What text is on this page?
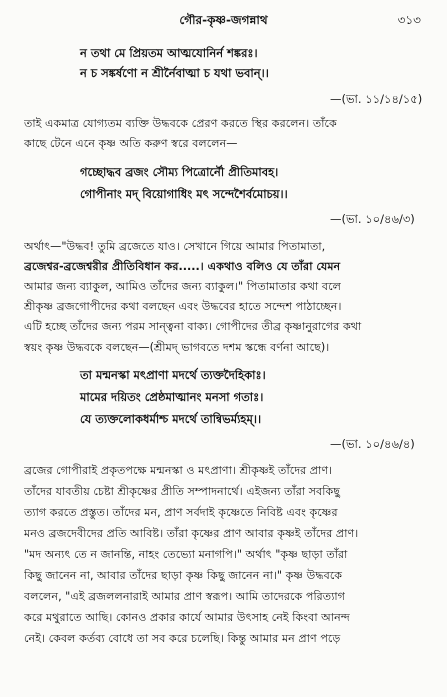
গৌর-কৃষ্ণ-জগন্নাথ	৩১৩
ন তথা মে প্রিয়তম আত্মযোনির্ন শঙ্করঃ।
ন চ সঙ্কর্ষণো ন শ্রীর্নৈবাত্মা চ যথা ভবান্।।
—(ভা. ১১/১৪/১৫)
তাই একমাত্র যোগ্যতম ব্যক্তি উদ্ধবকে প্রেরণ করতে স্থির করলেন। তাঁকে
কাছে টেনে এনে কৃষ্ণ অতি করুণ স্বরে বললেন—
গচ্ছোদ্ধব ব্রজং সৌম্য পিত্রোর্নৌ প্রীতিমাবহ।
গোপীনাং মদ্ বিয়োগাধিং মৎ সন্দেশৈর্বমোচয়।।
—(ভা. ১০/৪৬/৩)
অর্থাৎ—"উদ্ধব! তুমি ব্রজেতে যাও। সেখানে গিয়ে আমার পিতামাতা,
ব্রজেশ্বর-ব্রজেশ্বরীর প্রীতিবিধান কর.....। একথাও বলিও যে তাঁরা যেমন
আমার জন্য ব্যাকুল, আমিও তাঁদের জন্য ব্যাকুল।" পিতামাতার কথা বলে
শ্রীকৃষ্ণ ব্রজগোপীদের কথা বলছেন এবং উদ্ধবের হাতে সন্দেশ পাঠাচ্ছেন।
এটি হচ্ছে তাঁদের জন্য পরম সান্ত্বনা বাক্য। গোপীদের তীব্র কৃষ্ণানুরাগের কথা
স্বয়ং কৃষ্ণ উদ্ধবকে বলছেন—(শ্রীমদ্ ভাগবতে দশম স্কন্ধে বর্ণনা আছে)।
তা মন্মনস্কা মৎপ্রাণা মদর্থে ত্যক্তদৈহিকাঃ।
মামের দয়িতং প্রেষ্ঠমাত্মানং মনসা গতাঃ।
যে ত্যক্তলোকধর্মাশ্চ মদর্থে তান্বিভর্ম্যহম্।।
—(ভা. ১০/৪৬/৪)
ব্রজের গোপীরাই প্রকৃতপক্ষে মন্মনস্কা ও মৎপ্রাণা। শ্রীকৃষ্ণই তাঁদের প্রাণ।
তাঁদের যাবতীয় চেষ্টা শ্রীকৃষ্ণের প্রীতি সম্পাদনার্থে। এইজন্য তাঁরা সবকিছু
ত্যাগ করতে প্রস্তুত। তাঁদের মন, প্রাণ সর্বদাই কৃষ্ণেতে নিবিষ্ট এবং কৃষ্ণের
মনও ব্রজদেবীদের প্রতি আবিষ্ট। তাঁরা কৃষ্ণের প্রাণ আবার কৃষ্ণই তাঁদের প্রাণ।
"মদ অন্যৎ তে ন জানন্তি, নাহং তেভ্যো মনাগপি।" অর্থাৎ "কৃষ্ণ ছাড়া তাঁরা
কিছু জানেন না, আবার তাঁদের ছাড়া কৃষ্ণ কিছু জানেন না।" কৃষ্ণ উদ্ধবকে
বললেন, "এই ব্রজললনারাই আমার প্রাণ স্বরূপ। আমি তাদেরকে পরিত্যাগ
করে মথুরাতে আছি। কোনও প্রকার কার্যে আমার উৎসাহ নেই কিংবা আনন্দ
নেই। কেবল কর্তব্য বোধে তা সব করে চলেছি। কিন্তু আমার মন প্রাণ পড়ে
